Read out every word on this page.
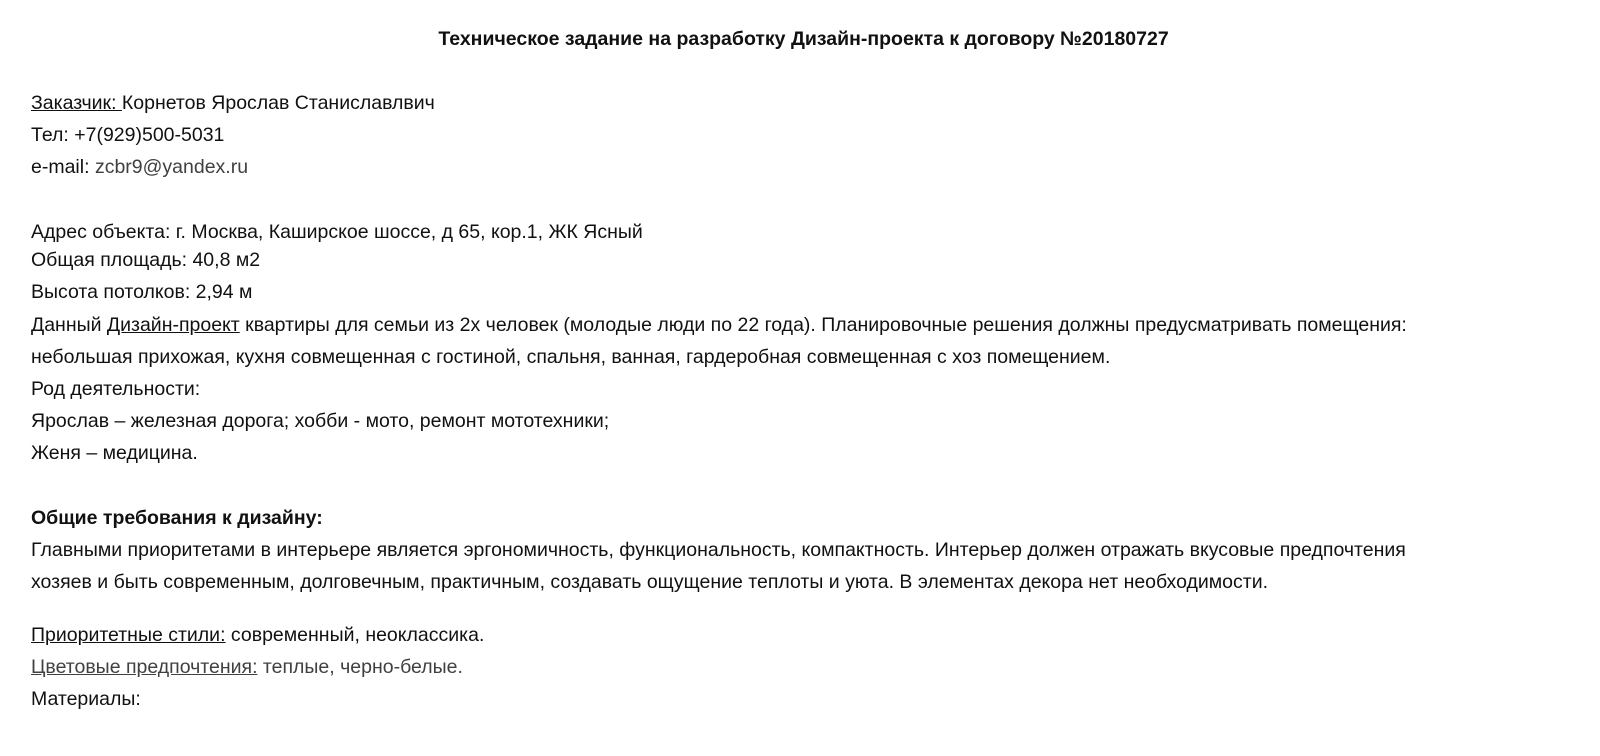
Техническое задание на разработку Дизайн-проекта к договору №20180727
Заказчик: Корнетов Ярослав Станиславлвич
Тел: +7(929)500-5031
e-mail: zcbr9@yandex.ru
Адрес объекта: г. Москва, Каширское шоссе, д 65, кор.1, ЖК Ясный
Общая площадь: 40,8 м2
Высота потолков: 2,94 м
Данный Дизайн-проект квартиры для семьи из 2х человек (молодые люди по 22 года). Планировочные решения должны предусматривать помещения:
небольшая прихожая, кухня совмещенная с гостиной, спальня, ванная, гардеробная совмещенная с хоз помещением.
Род деятельности:
Ярослав – железная дорога; хобби - мото, ремонт мототехники;
Женя – медицина.
Общие требования к дизайну:
Главными приоритетами в интерьере является эргономичность, функциональность, компактность. Интерьер должен отражать вкусовые предпочтения
хозяев и быть современным, долговечным, практичным, создавать ощущение теплоты и уюта. В элементах декора нет необходимости.
Приоритетные стили: современный, неоклассика.
Цветовые предпочтения: теплые, черно-белые.
Материалы:
